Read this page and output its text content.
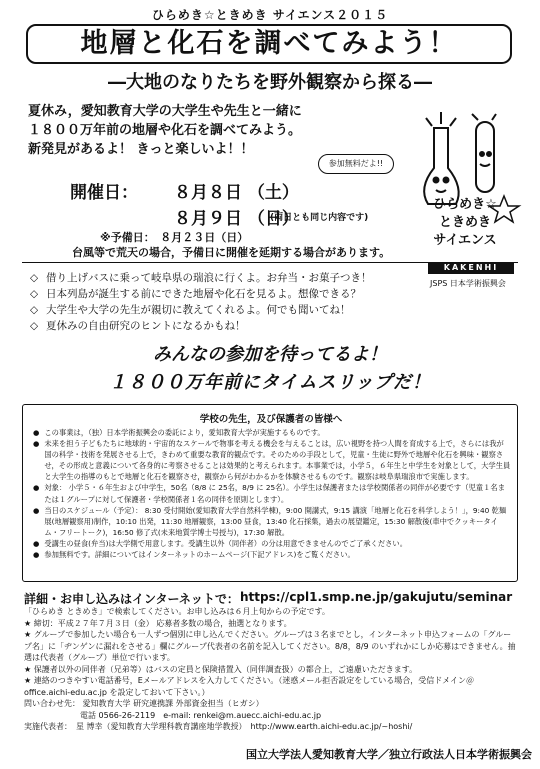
ひらめき☆ときめき サイエンス２０１５
地層と化石を調べてみよう！
―大地のなりたちを野外観察から探る―
夏休み，愛知教育大学の大学生や先生と一緒に
１８００万年前の地層や化石を調べてみよう。
新発見があるよ！ きっと楽しいよ！！
開催日： ８月８日 （土）
８月９日 （日）
(両日とも同じ内容です)
※予備日：　８月２３日（日）
台風等で荒天の場合，予備日に開催を延期する場合があります。
参加無料だよ!!
ひらめき☆
ときめき
サイエンス
KAKENHI
JSPS 日本学術振興会
◇ 借り上げバスに乗って岐阜県の瑞浪に行くよ。お弁当・お菓子つき！
◇ 日本列島が誕生する前にできた地層や化石を見るよ。想像できる？
◇ 大学生や大学の先生が親切に教えてくれるよ。何でも聞いてね！
◇ 夏休みの自由研究のヒントになるかもね！
みんなの参加を待ってるよ！
１８００万年前にタイムスリップだ！
学校の先生，及び保護者の皆様へ
● この事業は，（独）日本学術振興会の委託により，愛知教育大学が実施するものです。
● 未来を担う子どもたちに地球的・宇宙的なスケールで物事を考える機会を与えることは，広い視野を持つ人間を育成する上で，さらには我が国の科学・技術を発展させる上で，きわめて重要な教育的観点です。そのための手段として，児童・生徒に野外で地層や化石を興味・観察させ，その形成と意義について各身的に考察させることは効果的と考えられます。本事業では，小学５，６年生と中学生を対象として，大学生員と大学生の指導のもとで地層と化石を観察させ，観察から何がわかるかを体験させるものです。観察は岐阜県瑞浪市で実施します。
● 対象： 小学５・６年生および中学生，50名（8/8 に 25名，8/9 に 25名）。小学生は保護者または学校関係者の同伴が必要です（児童１名または１グループに対して保護者・学校関係者１名の同伴を原則とします）。
● 当日のスケジュール（予定）： 8:30 受付開始(愛知教育大学自然科学棟)，9:00 開講式，9:15 講演「地層と化石を科学しよう！」，9:40 乾麺展(地層観察用)制作，10:10 出発，11:30 地層観察，13:00 昼食，13:40 化石採集，過去の展望鑑定，15:30 解散後(車中でクッキータイム・フリートーク)，16:50 修了式(未来地質学博士号授与)，17:30 解散。
● 受講生の昼食(弁当)は大学側で用意します。受講生以外（同伴者）の分は用意できませんのでご了承ください。
● 参加無料です。詳細についてはインターネットのホームページ(下記アドレス)をご覧ください。
詳細・お申し込みはインターネットで： https://cpl1.smp.ne.jp/gakujutu/seminar
「ひらめき ときめき」で検索してください。お申し込みは６月上旬からの予定です。
★ 締切：平成２７年７月３日（金） 応募者多数の場合，抽選となります。
★ グループで参加したい場合も一人ずつ個別に申し込んでください。グループは３名までとし，インターネット申込フォームの「グループ名」に「ヂンゲンに漏れをさせる」欄にグループ代表者の名前を記入してください。8/8，8/9 のいずれかにしか応募はできません。抽選は代表者（グループ）単位で行います。
★ 保護者以外の同伴者（兄弟等）はバスの定員と保険措置入（同伴調査扱）の都合上，ご遠慮いただきます。
★ 連絡のつきやすい電話番号，Eメールアドレスを入力してください。（迷惑メール拒否設定をしている場合，受信ドメイン＠office.aichi-edu.ac.jp を設定しておいて下さい。）
問い合わせ先： 愛知教育大学 研究連携課 外部資金担当（ヒガシ）
　　　　　　　電話 0566-26-2119　e-mail: renkei@m.auecc.aichi-edu.ac.jp
実施代表者：　星 博幸（愛知教育大学理科教育講座地学教授）　http://www.earth.aichi-edu.ac.jp/~hoshi/
国立大学法人愛知教育大学／独立行政法人日本学術振興会
